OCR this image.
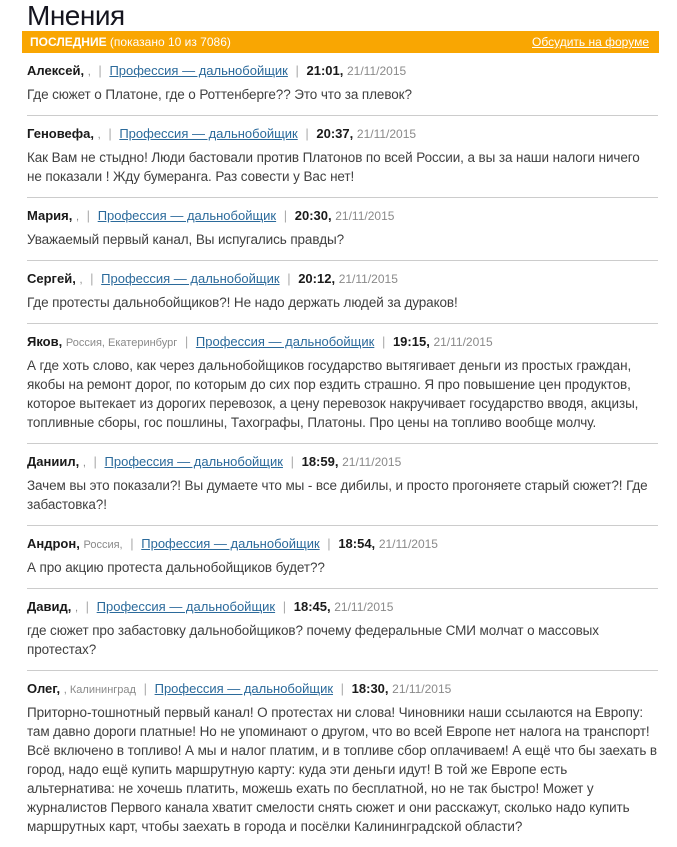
Мнения
ПОСЛЕДНИЕ (показано 10 из 7086)	Обсудить на форуме
Алексей, , | Профессия — дальнобойщик | 21:01, 21/11/2015
Где сюжет о Платоне, где о Роттенберге?? Это что за плевок?
Геновефа, , | Профессия — дальнобойщик | 20:37, 21/11/2015
Как Вам не стыдно! Люди бастовали против Платонов по всей России, а вы за наши налоги ничего не показали ! Жду бумеранга. Раз совести у Вас нет!
Мария, , | Профессия — дальнобойщик | 20:30, 21/11/2015
Уважаемый первый канал, Вы испугались правды?
Сергей, , | Профессия — дальнобойщик | 20:12, 21/11/2015
Где протесты дальнобойщиков?! Не надо держать людей за дураков!
Яков, Россия, Екатеринбург | Профессия — дальнобойщик | 19:15, 21/11/2015
А где хоть слово, как через дальнобойщиков государство вытягивает деньги из простых граждан, якобы на ремонт дорог, по которым до сих пор ездить страшно. Я про повышение цен продуктов, которое вытекает из дорогих перевозок, а цену перевозок накручивает государство вводя, акцизы, топливные сборы, гос пошлины, Тахографы, Платоны. Про цены на топливо вообще молчу.
Даниил, , | Профессия — дальнобойщик | 18:59, 21/11/2015
Зачем вы это показали?! Вы думаете что мы - все дибилы, и просто прогоняете старый сюжет?! Где забастовка?!
Андрон, Россия, | Профессия — дальнобойщик | 18:54, 21/11/2015
А про акцию протеста дальнобойщиков будет??
Давид, , | Профессия — дальнобойщик | 18:45, 21/11/2015
где сюжет про забастовку дальнобойщиков? почему федеральные СМИ молчат о массовых протестах?
Олег, , Калининград | Профессия — дальнобойщик | 18:30, 21/11/2015
Приторно-тошнотный первый канал! О протестах ни слова! Чиновники наши ссылаются на Европу: там давно дороги платные! Но не упоминают о другом, что во всей Европе нет налога на транспорт!Всё включено в топливо! А мы и налог платим, и в топливе сбор оплачиваем! А ещё что бы заехать в город, надо ещё купить маршрутную карту: куда эти деньги идут! В той же Европе есть альтернатива: не хочешь платить, можешь ехать по бесплатной, но не так быстро! Может у журналистов Первого канала хватит смелости снять сюжет и они расскажут, сколько надо купить маршрутных карт, чтобы заехать в города и посёлки Калининградской области?
